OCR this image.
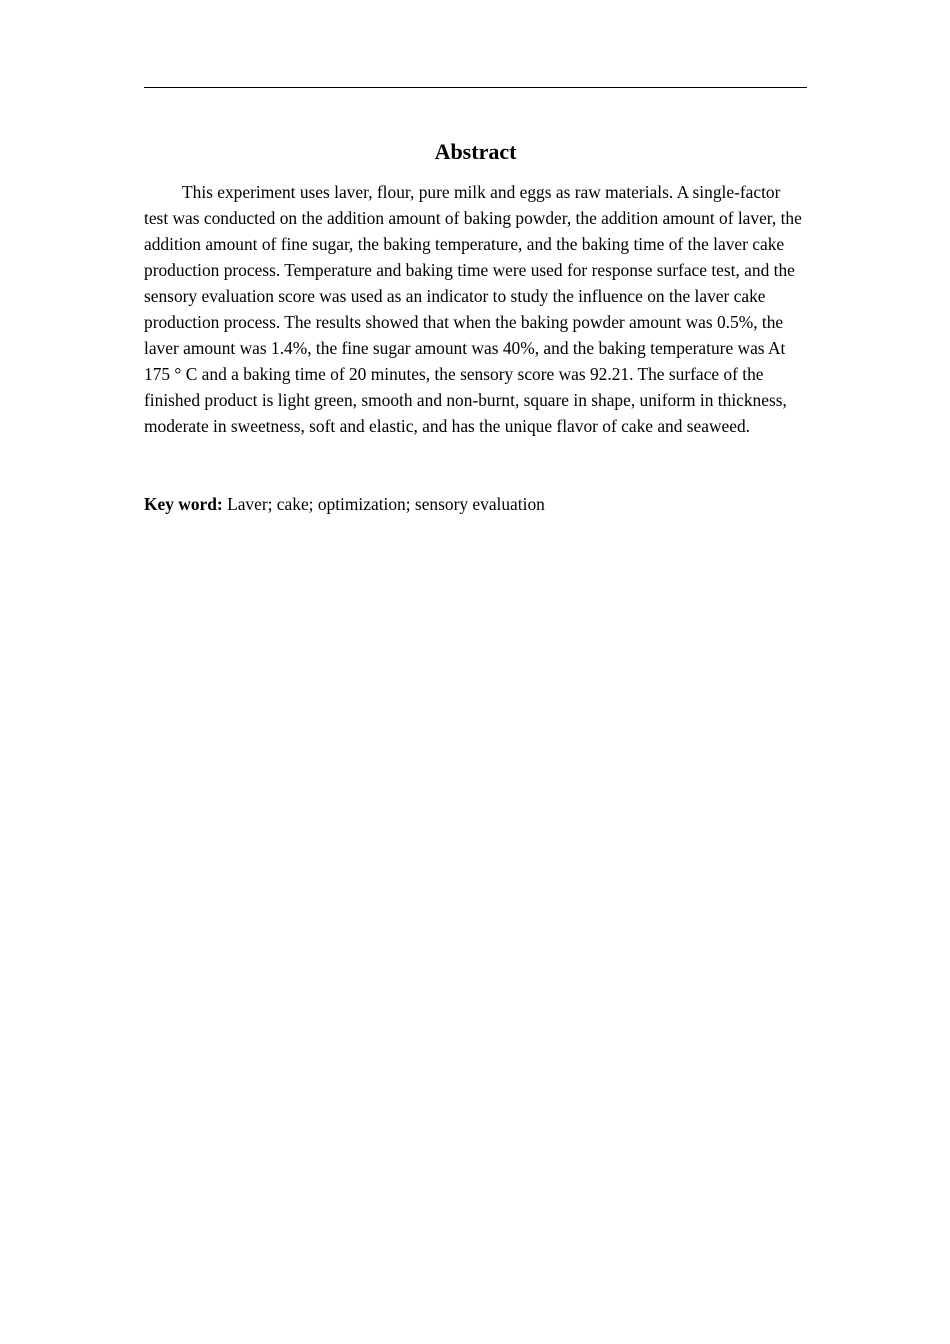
Abstract

This experiment uses laver, flour, pure milk and eggs as raw materials. A single-factor test was conducted on the addition amount of baking powder, the addition amount of laver, the addition amount of fine sugar, the baking temperature, and the baking time of the laver cake production process. Temperature and baking time were used for response surface test, and the sensory evaluation score was used as an indicator to study the influence on the laver cake production process. The results showed that when the baking powder amount was 0.5%, the laver amount was 1.4%, the fine sugar amount was 40%, and the baking temperature was At 175 ° C and a baking time of 20 minutes, the sensory score was 92.21. The surface of the finished product is light green, smooth and non-burnt, square in shape, uniform in thickness, moderate in sweetness, soft and elastic, and has the unique flavor of cake and seaweed.

Key word: Laver; cake; optimization; sensory evaluation
